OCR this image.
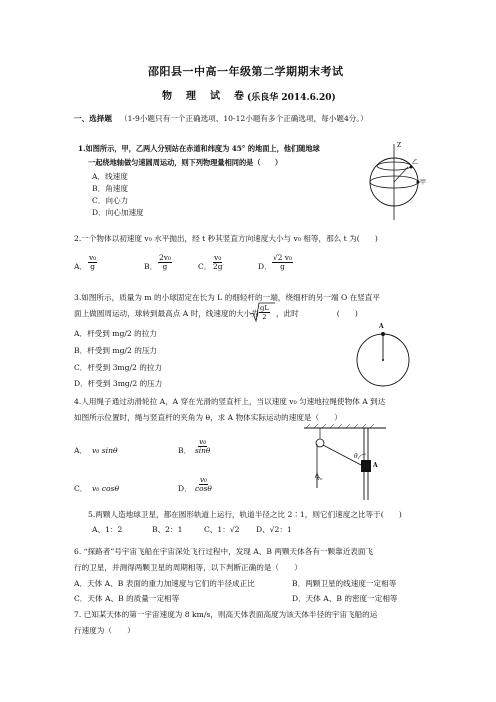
邵阳县一中高一年级第二学期期末考试
物　理　试　卷 (乐良华 2014.6.20)
一、选择题 （1-9小题只有一个正确选项、10-12小题有多个正确选项，每小题4分。）
1.如图所示，甲，乙两人分别站在赤道和纬度为 45° 的地面上，他们随地球
一起绕地轴做匀速圆周运动，则下列物理量相同的是（　　）
A．线速度
B．角速度
C．向心力
D．向心加速度
Z
乙
甲
2.一个物体以初速度 v₀ 水平抛出，经 t 秒其竖直方向速度大小与 v₀ 相等，那么 t 为(　　)
A． $\frac{\text{v₀}}{g}$	B． $\frac{\text{2v₀}}{g}$	C． $\frac{\text{v₀}}{2g}$	D． $\frac{\text{√2 v₀}}{g}$
3.如图所示，质量为 m 的小球固定在长为 L 的细轻杆的一端，绕细杆的另一端 O 在竖直平
面上做圆周运动，球转到最高点 A 时，线速度的大小为 $\frac{gL}{2}$ ，此时　　　　　(　　)
A．杆受到 mg/2 的拉力
B．杆受到 mg/2 的压力
C．杆受到 3mg/2 的拉力
D．杆受到 3mg/2 的压力
A
4.人用绳子通过动滑轮拉 A，A 穿在光滑的竖直杆上，当以速度 v₀ 匀速地拉绳使物体 A 到达
如图所示位置时，绳与竖直杆的夹角为 θ，求 A 物体实际运动的速度是（　　）
A． v₀ sinθ	B． $\frac{\text{v₀}}{\sin\theta}$
C． v₀ cosθ	D． $\frac{\text{v₀}}{\cos\theta}$
θ
A
v₀
5.两颗人造地球卫星，都在圆形轨道上运行，轨道半径之比 2∶1，则它们速度之比等于(　　)
A、1：2	B、2：1	C、1：√2 D、√2：1
6. “探路者”号宇宙飞船在宇宙深处飞行过程中，发现 A、B 两颗天体各有一颗靠近表面飞
行的卫星，并测得两颗卫星的周期相等，以下判断正确的是（　　）
A．天体 A、B 表面的重力加速度与它们的半径成正比	B．两颗卫星的线速度一定相等
C．天体 A、B 的质量一定相等	D．天体 A、B 的密度一定相等
7. 已知某天体的第一宇宙速度为 8 km/s，则高天体表面高度为该天体半径的宇宙飞船的运
行速度为（　　）
